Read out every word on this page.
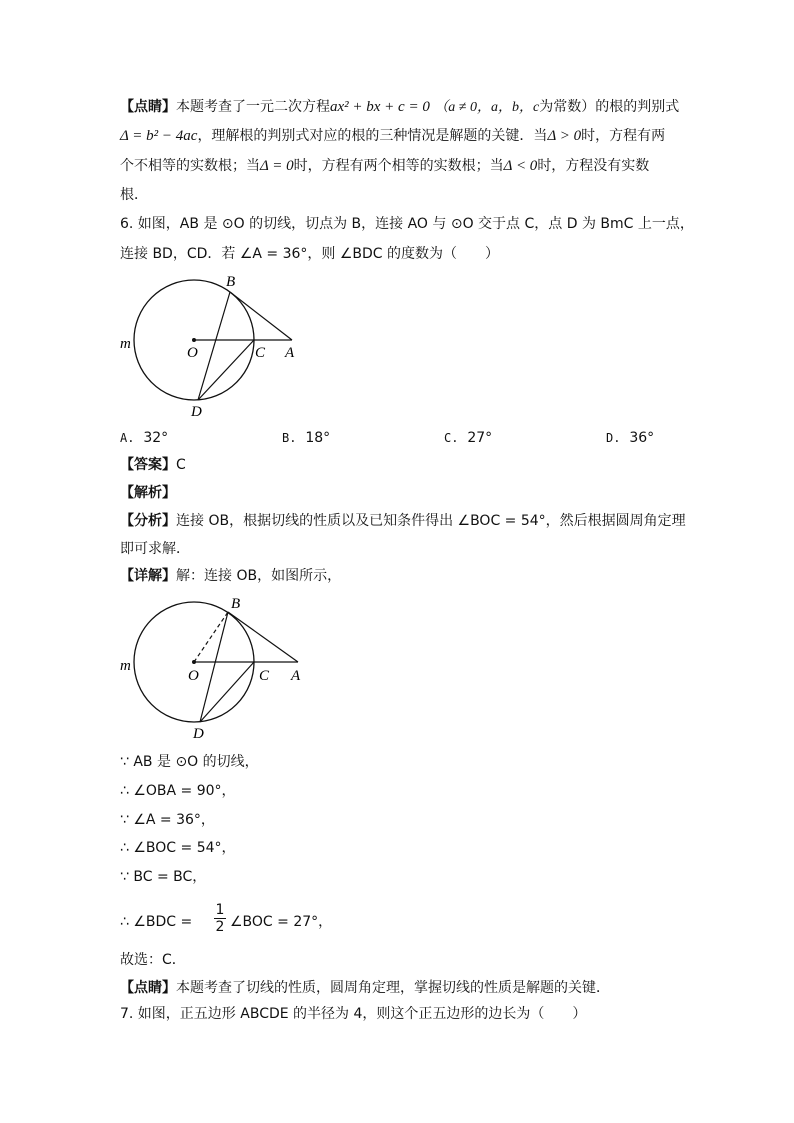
【点睛】本题考查了一元二次方程ax² + bx + c = 0 （a ≠ 0，a，b，c为常数）的根的判别式
Δ = b² − 4ac，理解根的判别式对应的根的三种情况是解题的关键．当Δ > 0时，方程有两
个不相等的实数根；当Δ = 0时，方程有两个相等的实数根；当Δ < 0时，方程没有实数
根．
6. 如图，AB 是 ⊙O 的切线，切点为 B，连接 AO 与 ⊙O 交于点 C，点 D 为 BmC 上一点，
连接 BD，CD．若 ∠A = 36°，则 ∠BDC 的度数为（　　）
B
m
O	C A
D
A. 32°	B. 18°	C. 27°	D. 36°
【答案】C
【解析】
【分析】连接 OB，根据切线的性质以及已知条件得出 ∠BOC = 54°，然后根据圆周角定理
即可求解．
【详解】解：连接 OB，如图所示，
B
m
O	C A
D
∵ AB 是 ⊙O 的切线，
∴ ∠OBA = 90°，
∵ ∠A = 36°，
∴ ∠BOC = 54°，
∵ BC = BC，
∴ ∠BDC =
1
2 ∠BOC = 27°，
故选：C．
【点睛】本题考查了切线的性质，圆周角定理，掌握切线的性质是解题的关键．
7. 如图，正五边形 ABCDE 的半径为 4，则这个正五边形的边长为（　　）
